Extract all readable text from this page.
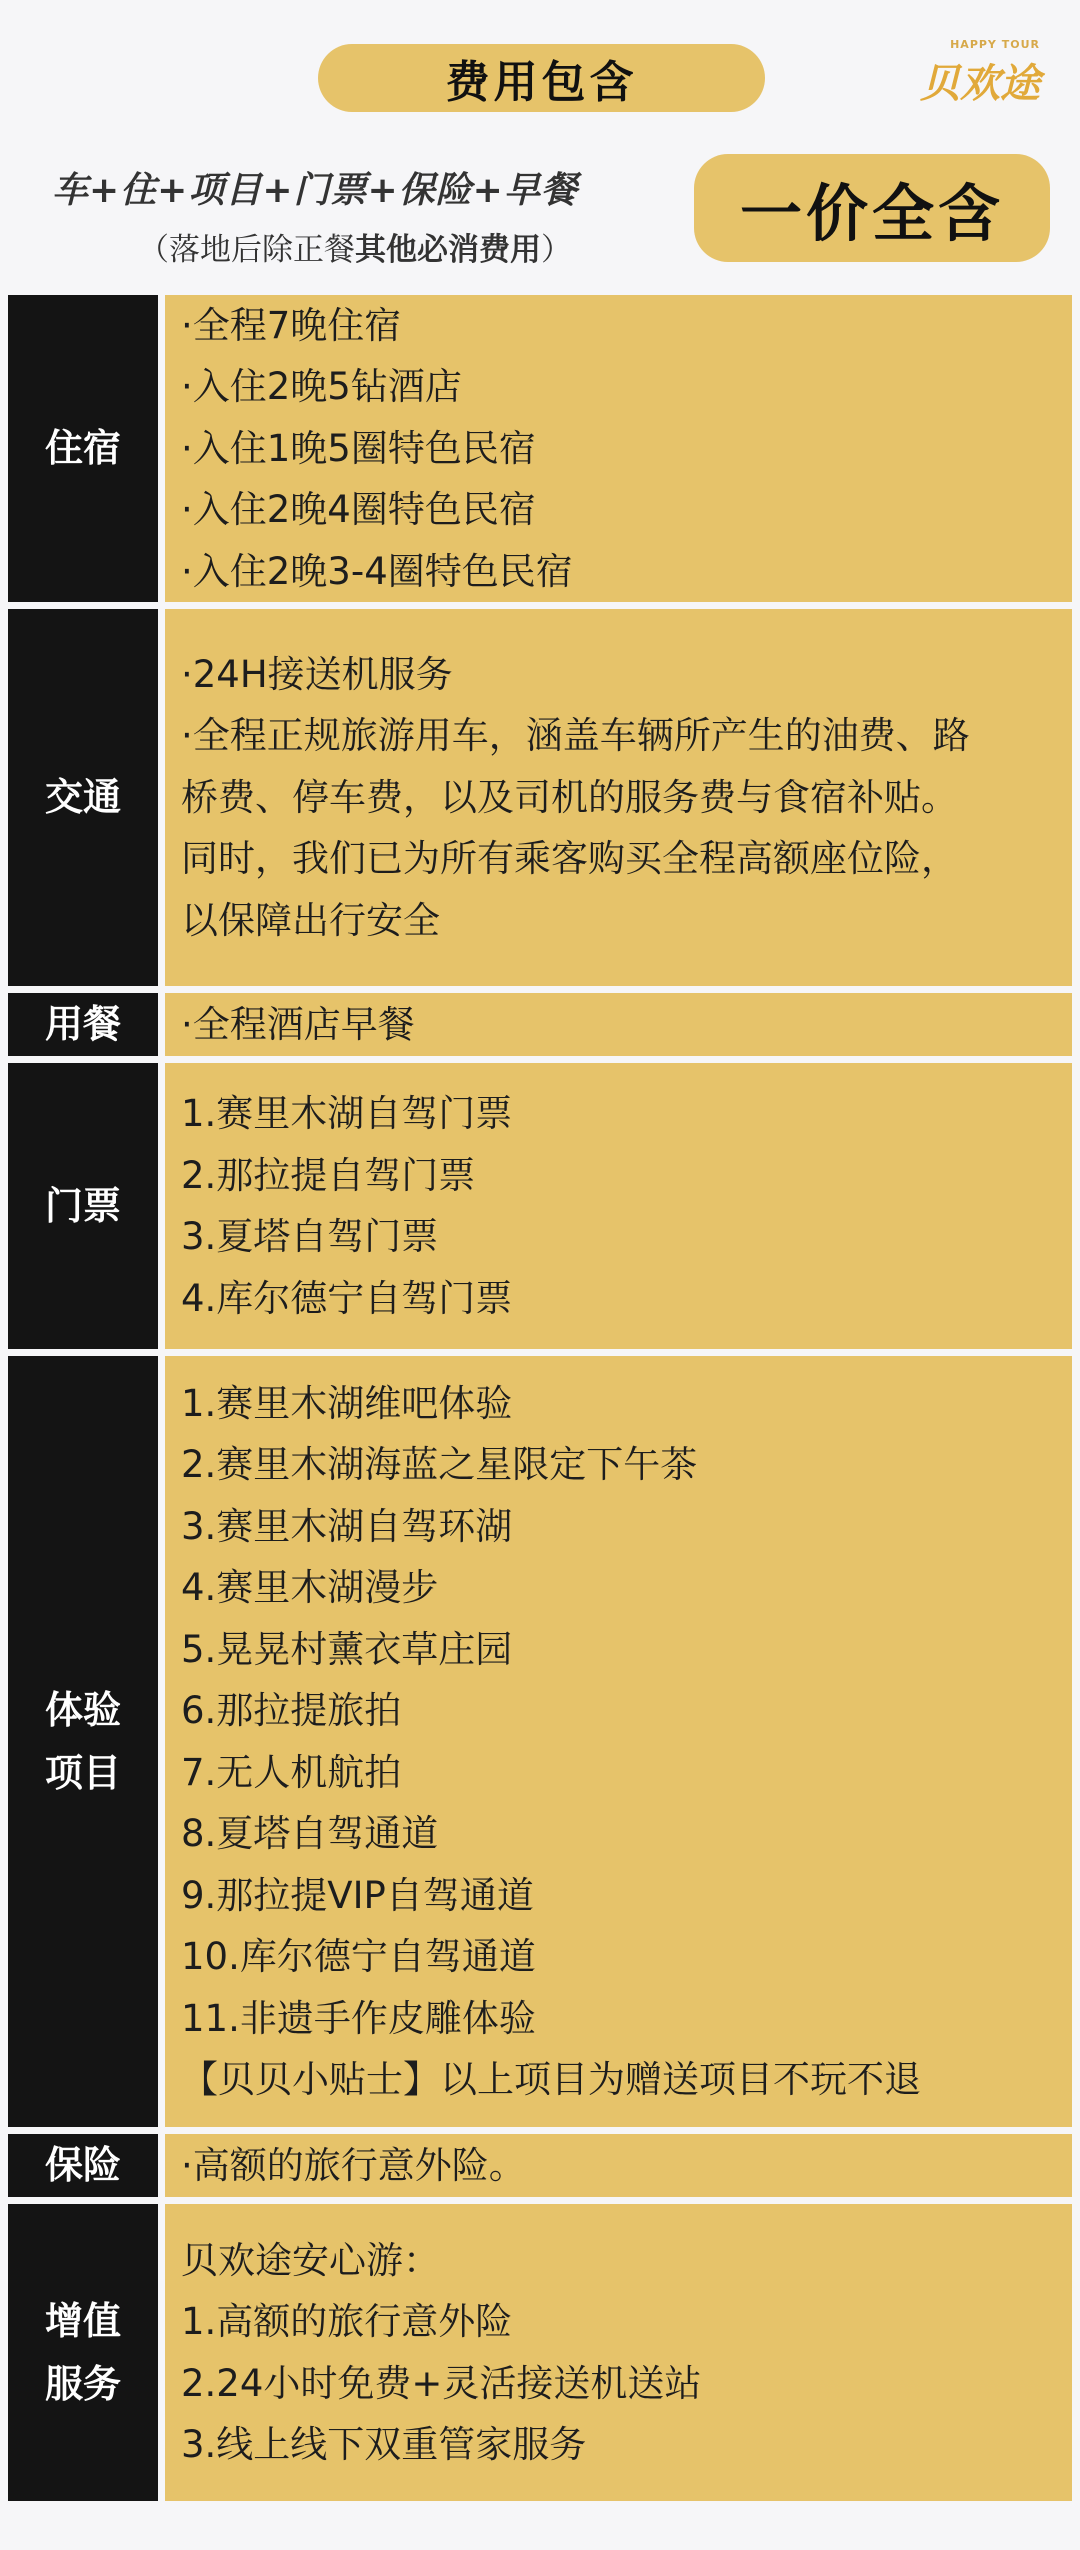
费用包含
HAPPY TOUR
贝欢途
车+住+项目+门票+保险+早餐
（落地后除正餐其他必消费用）
一价全含
住宿
·全程7晚住宿
·入住2晚5钻酒店
·入住1晚5圈特色民宿
·入住2晚4圈特色民宿
·入住2晚3-4圈特色民宿
交通
·24H接送机服务
·全程正规旅游用车，涵盖车辆所产生的油费、路
桥费、停车费，以及司机的服务费与食宿补贴。
同时，我们已为所有乘客购买全程高额座位险，
以保障出行安全
用餐	·全程酒店早餐
门票
1.赛里木湖自驾门票
2.那拉提自驾门票
3.夏塔自驾门票
4.库尔德宁自驾门票
体验
项目
1.赛里木湖维吧体验
2.赛里木湖海蓝之星限定下午茶
3.赛里木湖自驾环湖
4.赛里木湖漫步
5.晃晃村薰衣草庄园
6.那拉提旅拍
7.无人机航拍
8.夏塔自驾通道
9.那拉提VIP自驾通道
10.库尔德宁自驾通道
11.非遗手作皮雕体验
【贝贝小贴士】以上项目为赠送项目不玩不退
保险	·高额的旅行意外险。
增值
服务
贝欢途安心游：
1.高额的旅行意外险
2.24小时免费+灵活接送机送站
3.线上线下双重管家服务
